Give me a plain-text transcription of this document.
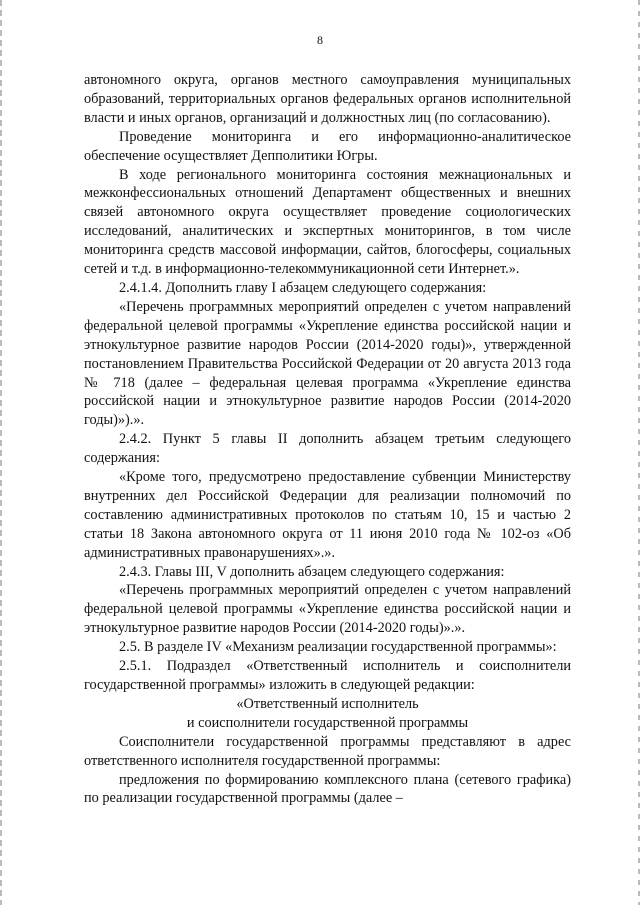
8

автономного округа, органов местного самоуправления муниципальных образований, территориальных органов федеральных органов исполнительной власти и иных органов, организаций и должностных лиц (по согласованию).

Проведение мониторинга и его информационно-аналитическое обеспечение осуществляет Депполитики Югры.

В ходе регионального мониторинга состояния межнациональных и межконфессиональных отношений Департамент общественных и внешних связей автономного округа осуществляет проведение социологических исследований, аналитических и экспертных мониторингов, в том числе мониторинга средств массовой информации, сайтов, блогосферы, социальных сетей и т.д. в информационно-телекоммуникационной сети Интернет.».

2.4.1.4. Дополнить главу I абзацем следующего содержания:

«Перечень программных мероприятий определен с учетом направлений федеральной целевой программы «Укрепление единства российской нации и этнокультурное развитие народов России (2014-2020 годы)», утвержденной постановлением Правительства Российской Федерации от 20 августа 2013 года № 718 (далее – федеральная целевая программа «Укрепление единства российской нации и этнокультурное развитие народов России (2014-2020 годы)»).».

2.4.2. Пункт 5 главы II дополнить абзацем третьим следующего содержания:

«Кроме того, предусмотрено предоставление субвенции Министерству внутренних дел Российской Федерации для реализации полномочий по составлению административных протоколов по статьям 10, 15 и частью 2 статьи 18 Закона автономного округа от 11 июня 2010 года № 102-оз «Об административных правонарушениях».».

2.4.3. Главы III, V дополнить абзацем следующего содержания:

«Перечень программных мероприятий определен с учетом направлений федеральной целевой программы «Укрепление единства российской нации и этнокультурное развитие народов России (2014-2020 годы)».».

2.5. В разделе IV «Механизм реализации государственной программы»:

2.5.1. Подраздел «Ответственный исполнитель и соисполнители государственной программы» изложить в следующей редакции:

«Ответственный исполнитель

и соисполнители государственной программы

Соисполнители государственной программы представляют в адрес ответственного исполнителя государственной программы:

предложения по формированию комплексного плана (сетевого графика) по реализации государственной программы (далее –
